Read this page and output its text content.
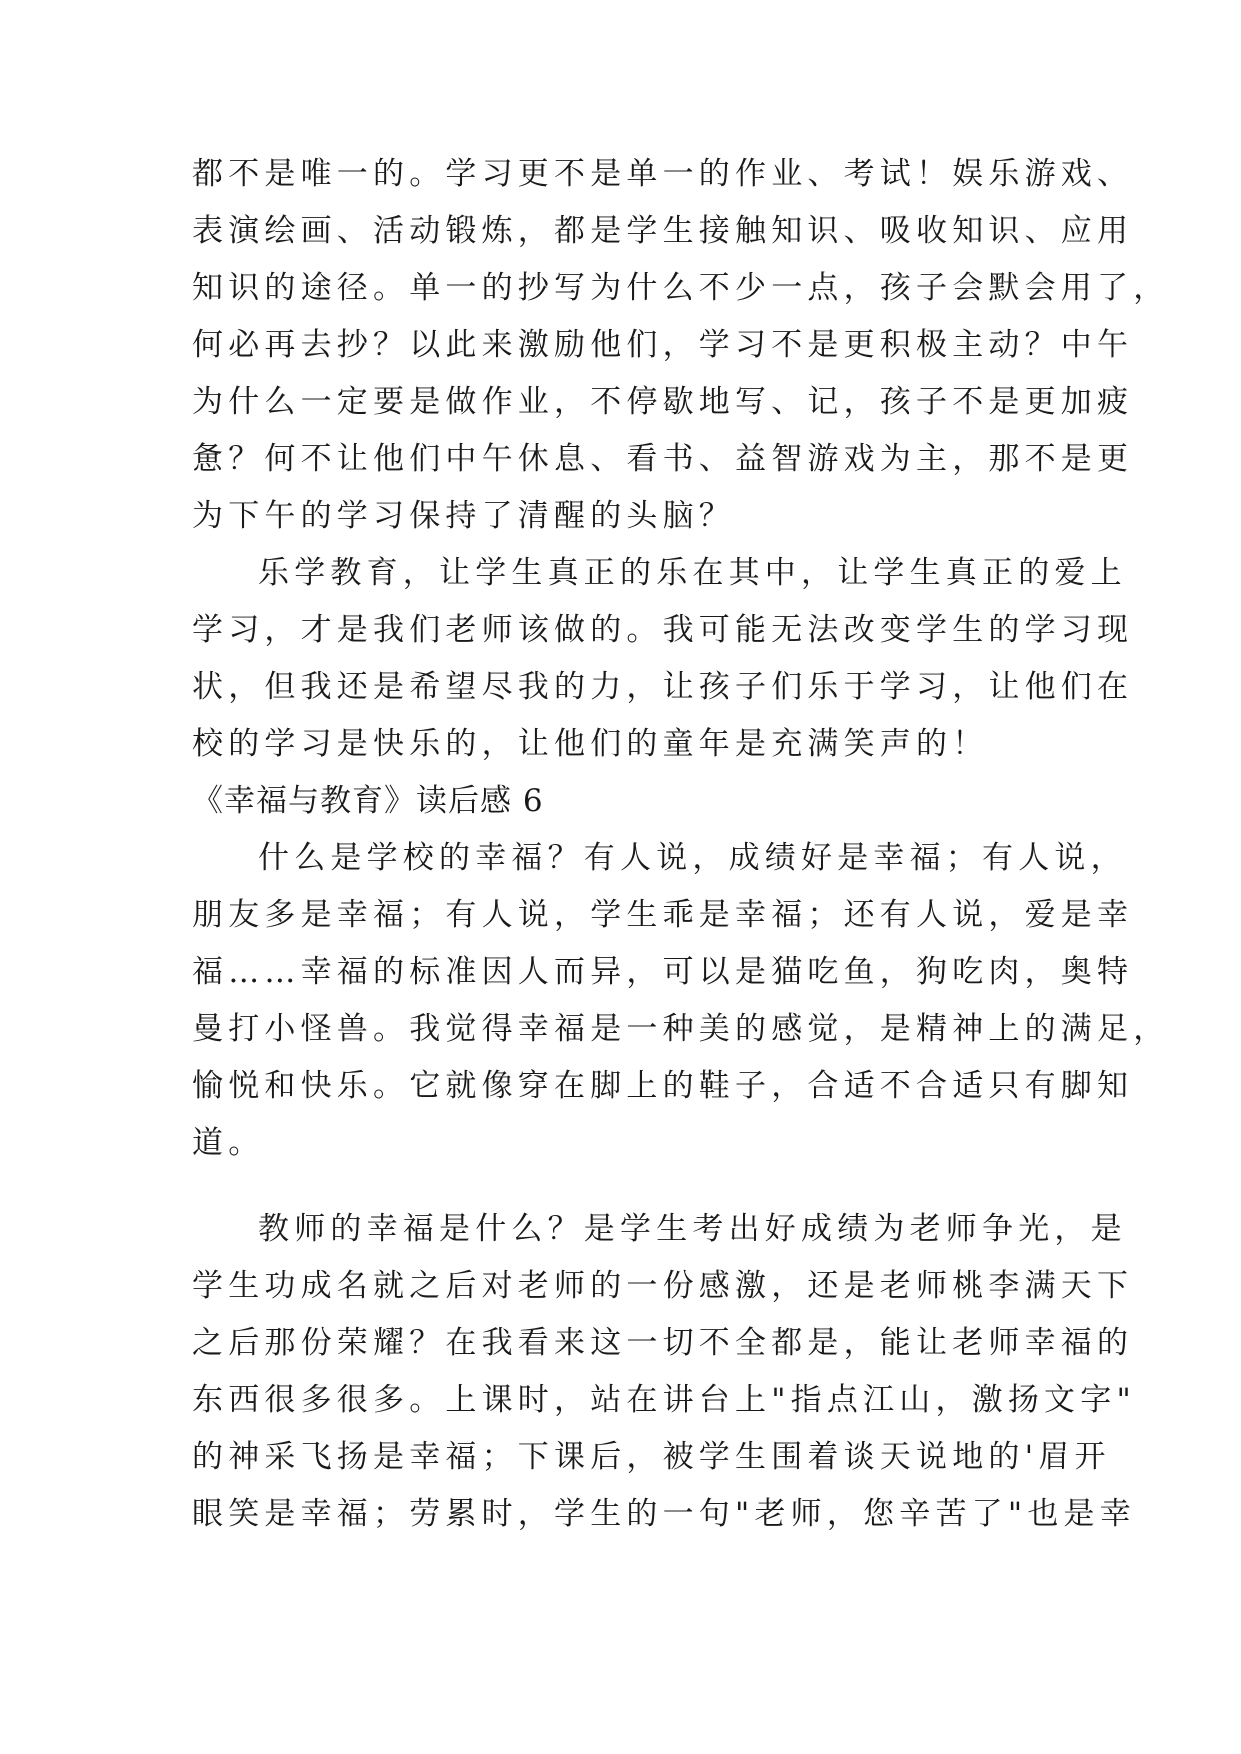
都不是唯一的。学习更不是单一的作业、考试！娱乐游戏、
表演绘画、活动锻炼，都是学生接触知识、吸收知识、应用
知识的途径。单一的抄写为什么不少一点，孩子会默会用了，
何必再去抄？以此来激励他们，学习不是更积极主动？中午
为什么一定要是做作业，不停歇地写、记，孩子不是更加疲
惫？何不让他们中午休息、看书、益智游戏为主，那不是更
为下午的学习保持了清醒的头脑？
乐学教育，让学生真正的乐在其中，让学生真正的爱上
学习，才是我们老师该做的。我可能无法改变学生的学习现
状，但我还是希望尽我的力，让孩子们乐于学习，让他们在
校的学习是快乐的，让他们的童年是充满笑声的！
《幸福与教育》读后感 6
什么是学校的幸福？有人说，成绩好是幸福；有人说，
朋友多是幸福；有人说，学生乖是幸福；还有人说，爱是幸
福……幸福的标准因人而异，可以是猫吃鱼，狗吃肉，奥特
曼打小怪兽。我觉得幸福是一种美的感觉，是精神上的满足，
愉悦和快乐。它就像穿在脚上的鞋子，合适不合适只有脚知
道。
教师的幸福是什么？是学生考出好成绩为老师争光，是
学生功成名就之后对老师的一份感激，还是老师桃李满天下
之后那份荣耀？在我看来这一切不全都是，能让老师幸福的
东西很多很多。上课时，站在讲台上"指点江山，激扬文字"
的神采飞扬是幸福；下课后，被学生围着谈天说地的'眉开
眼笑是幸福；劳累时，学生的一句"老师，您辛苦了"也是幸
